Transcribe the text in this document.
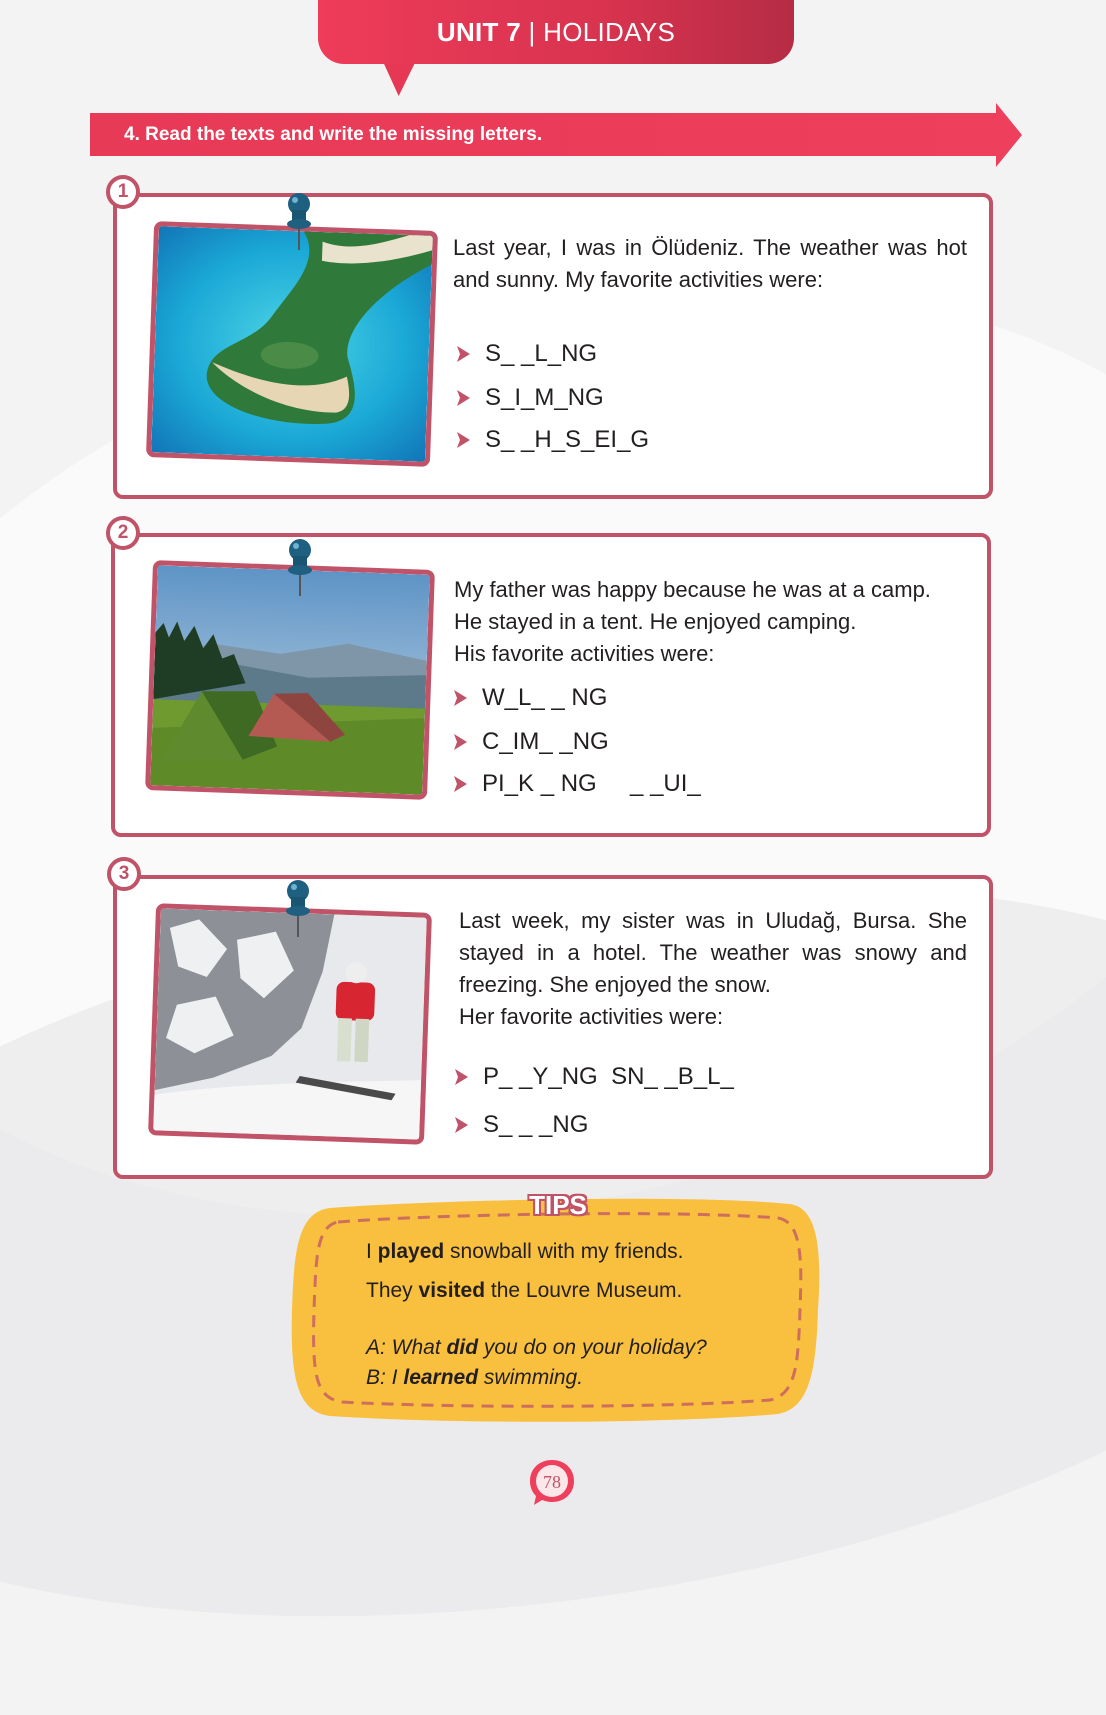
UNIT 7 | HOLIDAYS
4. Read the texts and write the missing letters.
1
Last year, I was in Ölüdeniz. The weather was hot and sunny. My favorite activities were:
S_ _L_NG
S_I_M_NG
S_ _H_S_EI_G
2
My father was happy because he was at a camp.
He stayed in a tent. He enjoyed camping.
His favorite activities were:
W_L_ _ NG
C_IM_ _NG
PI_K _ NG     _ _UI_
3
Last week, my sister was in Uludağ, Bursa. She stayed in a hotel. The weather was snowy and freezing. She enjoyed the snow.
Her favorite activities were:
P_ _Y_NG  SN_ _B_L_
S_ _ _NG
TIPS
I played snowball with my friends.
They visited the Louvre Museum.
A: What did you do on your holiday?
B: I learned swimming.
78
